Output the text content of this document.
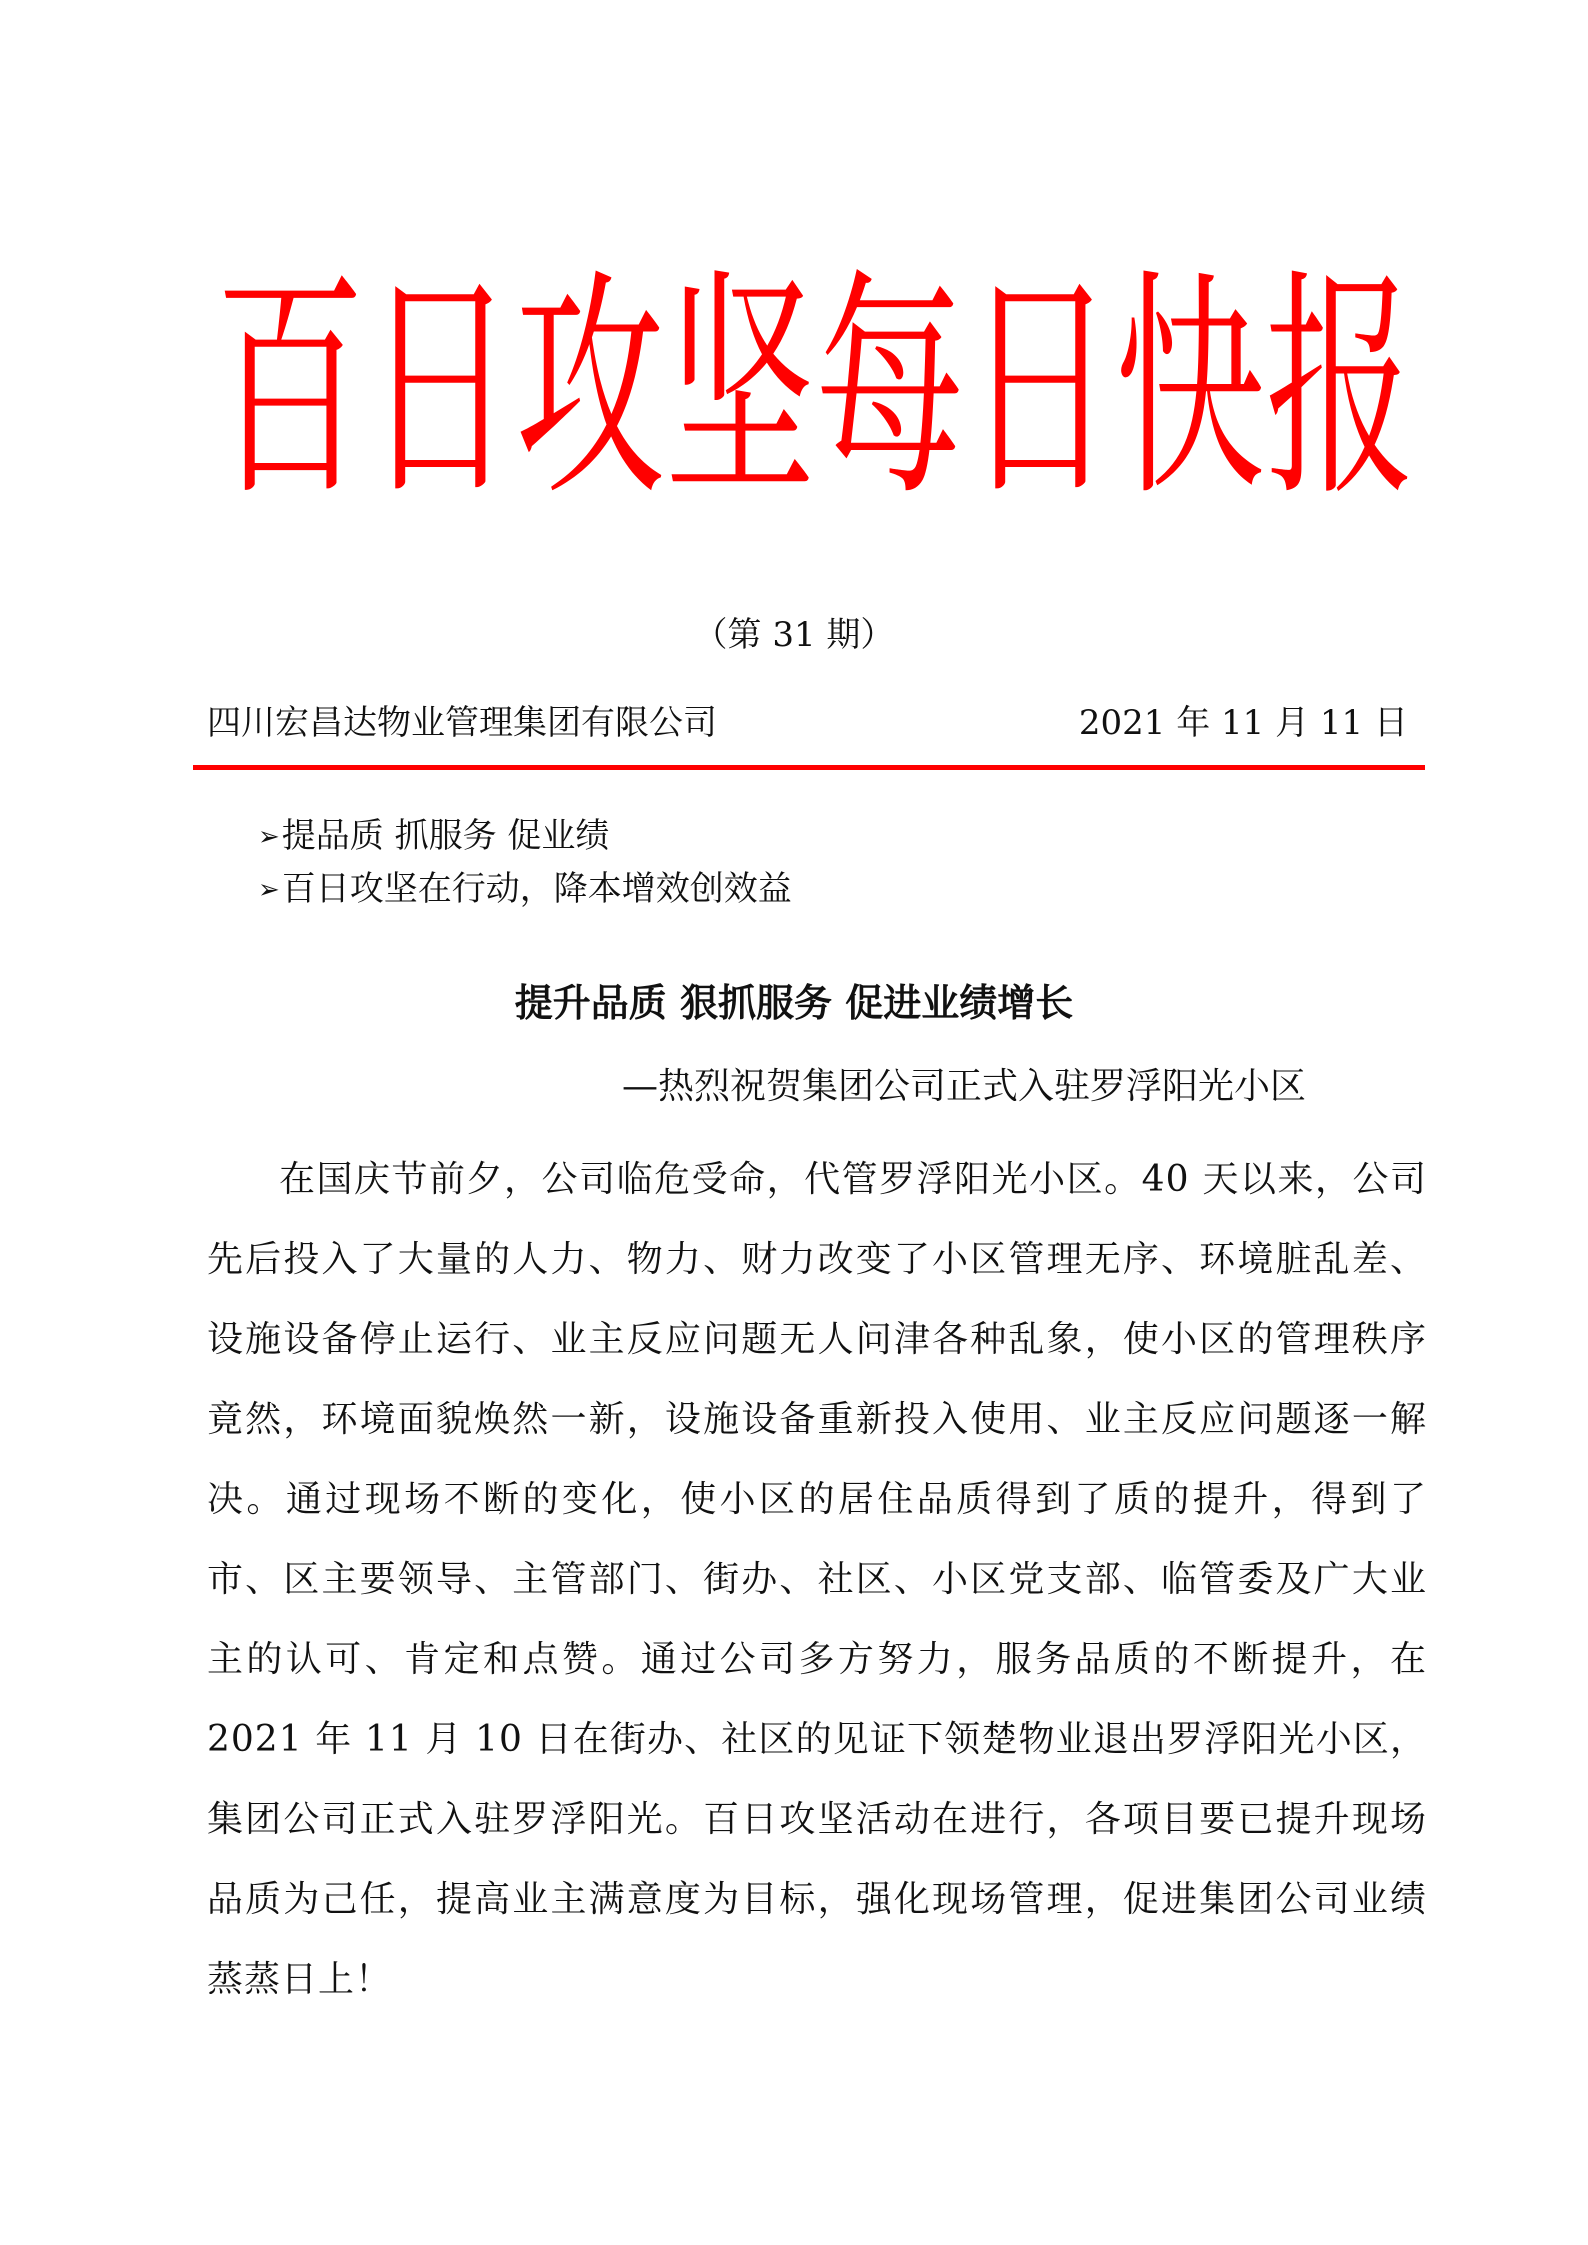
百日攻坚每日快报
（第 31 期）
四川宏昌达物业管理集团有限公司	2021 年 11 月 11 日
➢提品质 抓服务 促业绩
➢百日攻坚在行动，降本增效创效益
提升品质 狠抓服务 促进业绩增长
—热烈祝贺集团公司正式入驻罗浮阳光小区

在国庆节前夕，公司临危受命，代管罗浮阳光小区。40 天以来，公司先后投入了大量的人力、物力、财力改变了小区管理无序、环境脏乱差、设施设备停止运行、业主反应问题无人问津各种乱象，使小区的管理秩序竟然，环境面貌焕然一新，设施设备重新投入使用、业主反应问题逐一解决。通过现场不断的变化，使小区的居住品质得到了质的提升，得到了市、区主要领导、主管部门、街办、社区、小区党支部、临管委及广大业主的认可、肯定和点赞。通过公司多方努力，服务品质的不断提升，在 2021 年 11 月 10 日在街办、社区的见证下领楚物业退出罗浮阳光小区，集团公司正式入驻罗浮阳光。百日攻坚活动在进行，各项目要已提升现场品质为己任，提高业主满意度为目标，强化现场管理，促进集团公司业绩蒸蒸日上！
